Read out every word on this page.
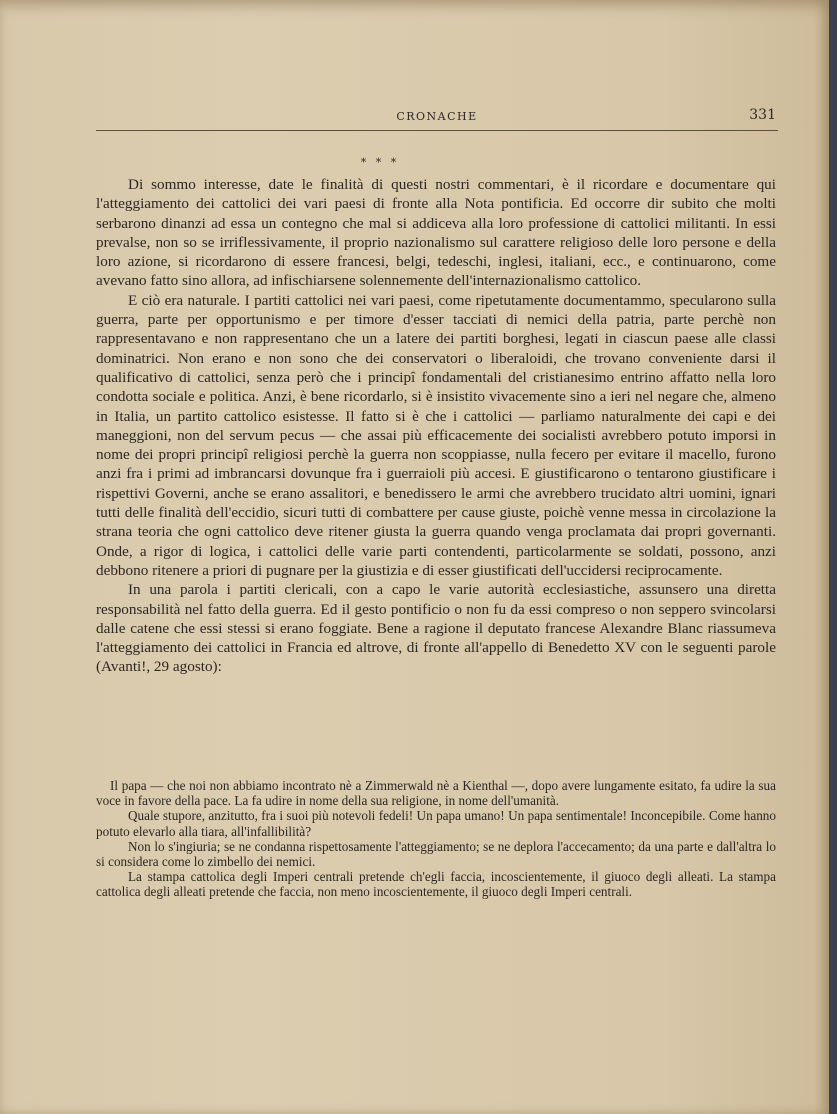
CRONACHE	331
* * *

Di sommo interesse, date le finalità di questi nostri commentari, è il ricordare e documentare qui l'atteggiamento dei cattolici dei vari paesi di fronte alla Nota pontificia. Ed occorre dir subito che molti serbarono dinanzi ad essa un contegno che mal si addiceva alla loro professione di cattolici militanti. In essi prevalse, non so se irriflessivamente, il proprio nazionalismo sul carattere religioso delle loro persone e della loro azione, si ricordarono di essere francesi, belgi, tedeschi, inglesi, italiani, ecc., e continuarono, come avevano fatto sino allora, ad infischiarsene solennemente dell'internazionalismo cattolico.

E ciò era naturale. I partiti cattolici nei vari paesi, come ripetutamente documentammo, specularono sulla guerra, parte per opportunismo e per timore d'esser tacciati di nemici della patria, parte perchè non rappresentavano e non rappresentano che un a latere dei partiti borghesi, legati in ciascun paese alle classi dominatrici. Non erano e non sono che dei conservatori o liberaloidi, che trovano conveniente darsi il qualificativo di cattolici, senza però che i principî fondamentali del cristianesimo entrino affatto nella loro condotta sociale e politica. Anzi, è bene ricordarlo, si è insistito vivacemente sino a ieri nel negare che, almeno in Italia, un partito cattolico esistesse. Il fatto si è che i cattolici — parliamo naturalmente dei capi e dei maneggioni, non del servum pecus — che assai più efficacemente dei socialisti avrebbero potuto imporsi in nome dei propri principî religiosi perchè la guerra non scoppiasse, nulla fecero per evitare il macello, furono anzi fra i primi ad imbrancarsi dovunque fra i guerraioli più accesi. E giustificarono o tentarono giustificare i rispettivi Governi, anche se erano assalitori, e benedissero le armi che avrebbero trucidato altri uomini, ignari tutti delle finalità dell'eccidio, sicuri tutti di combattere per cause giuste, poichè venne messa in circolazione la strana teoria che ogni cattolico deve ritener giusta la guerra quando venga proclamata dai propri governanti. Onde, a rigor di logica, i cattolici delle varie parti contendenti, particolarmente se soldati, possono, anzi debbono ritenere a priori di pugnare per la giustizia e di esser giustificati dell'uccidersi reciprocamente.

In una parola i partiti clericali, con a capo le varie autorità ecclesiastiche, assunsero una diretta responsabilità nel fatto della guerra. Ed il gesto pontificio o non fu da essi compreso o non seppero svincolarsi dalle catene che essi stessi si erano foggiate. Bene a ragione il deputato francese Alexandre Blanc riassumeva l'atteggiamento dei cattolici in Francia ed altrove, di fronte all'appello di Benedetto XV con le seguenti parole (Avanti!, 29 agosto):

Il papa — che noi non abbiamo incontrato nè a Zimmerwald nè a Kienthal —, dopo avere lungamente esitato, fa udire la sua voce in favore della pace. La fa udire in nome della sua religione, in nome dell'umanità.

Quale stupore, anzitutto, fra i suoi più notevoli fedeli! Un papa umano! Un papa sentimentale! Inconcepibile. Come hanno potuto elevarlo alla tiara, all'infallibilità?

Non lo s'ingiuria; se ne condanna rispettosamente l'atteggiamento; se ne deplora l'accecamento; da una parte e dall'altra lo si considera come lo zimbello dei nemici.

La stampa cattolica degli Imperi centrali pretende ch'egli faccia, incoscientemente, il giuoco degli alleati. La stampa cattolica degli alleati pretende che faccia, non meno incoscientemente, il giuoco degli Imperi centrali.
